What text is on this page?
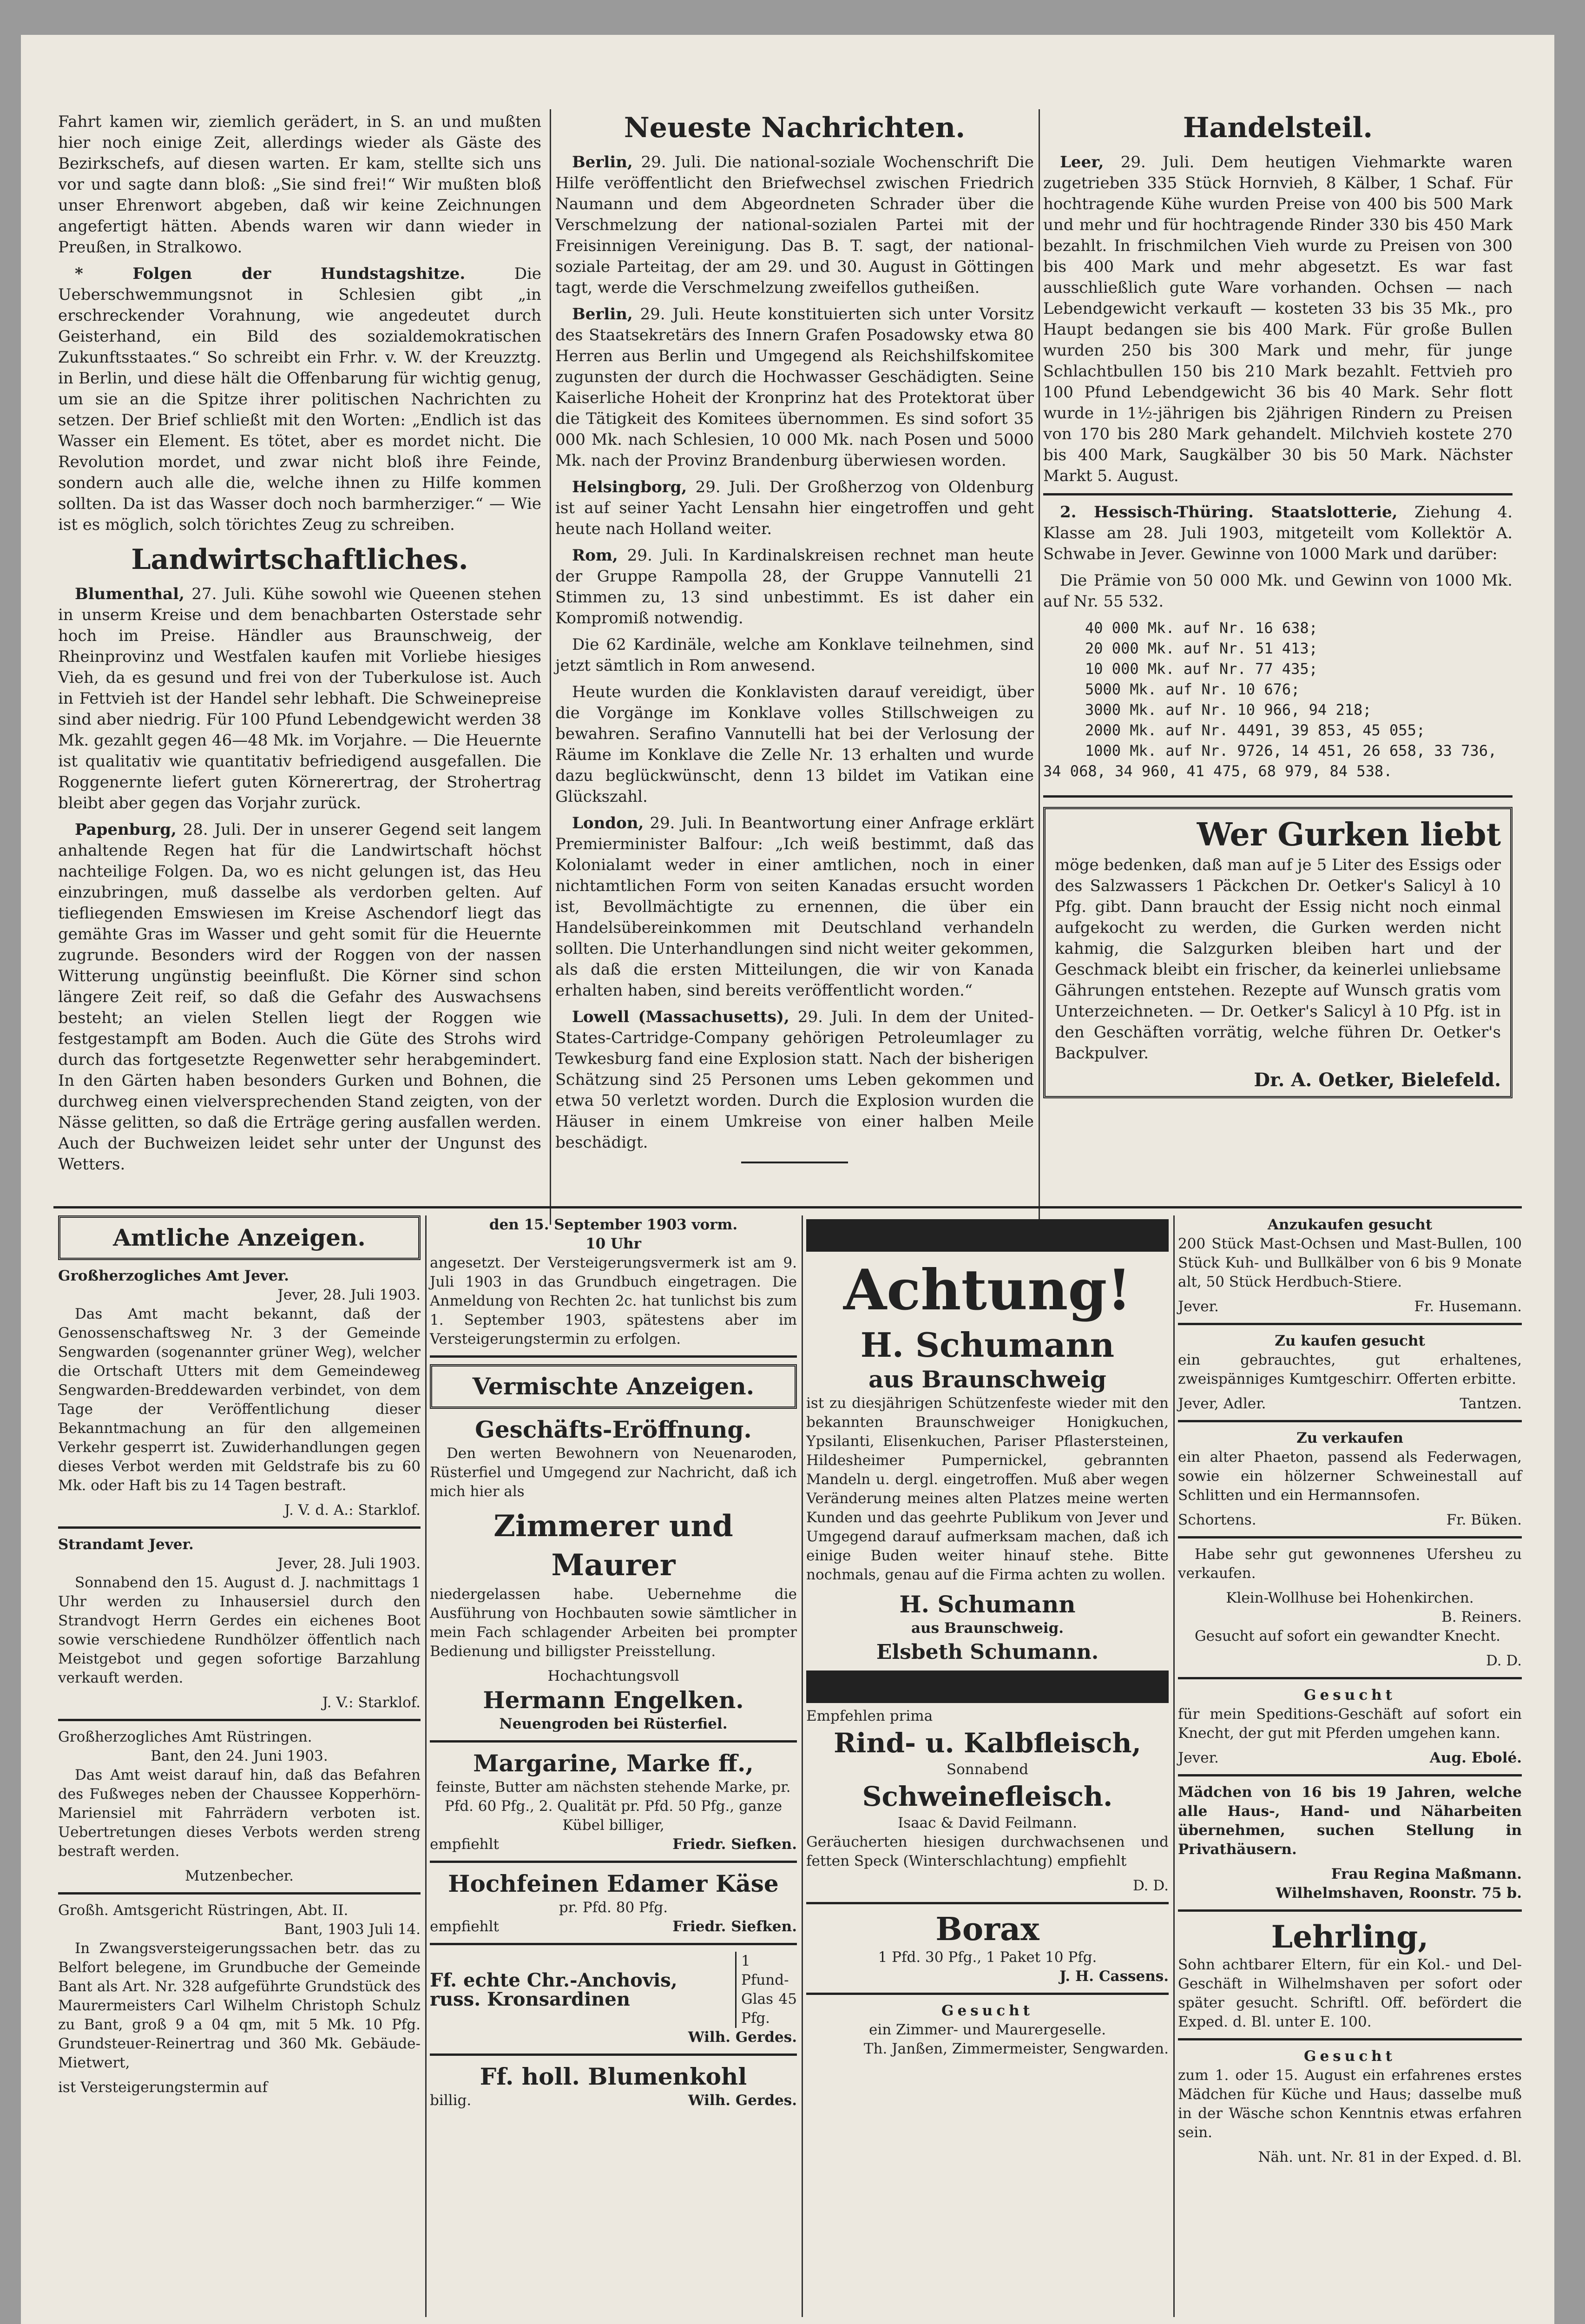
Fahrt kamen wir, ziemlich gerädert, in S. an und mußten hier noch einige Zeit, allerdings wieder als Gäste des Bezirkschefs, auf diesen warten. Er kam, stellte sich uns vor und sagte dann bloß: „Sie sind frei!“ Wir mußten bloß unser Ehrenwort abgeben, daß wir keine Zeichnungen angefertigt hätten. Abends waren wir dann wieder in Preußen, in Stralkowo.

* Folgen der Hundstagshitze.	Die Ueberschwemmungsnot in Schlesien gibt „in erschreckender Vorahnung, wie angedeutet durch Geisterhand, ein Bild des sozialdemokratischen Zukunftsstaates.“ So schreibt ein Frhr. v. W. der Kreuzztg. in Berlin, und diese hält die Offenbarung für wichtig genug, um sie an die Spitze ihrer politischen Nachrichten zu setzen. Der Brief schließt mit den Worten: „Endlich ist das Wasser ein Element. Es tötet, aber es mordet nicht. Die Revolution mordet, und zwar nicht bloß ihre Feinde, sondern auch alle die, welche ihnen zu Hilfe kommen sollten. Da ist das Wasser doch noch barmherziger.“ — Wie ist es möglich, solch törichtes Zeug zu schreiben.

Landwirtschaftliches.

Blumenthal, 27. Juli. Kühe sowohl wie Queenen stehen in unserm Kreise und dem benachbarten Osterstade sehr hoch im Preise. Händler aus Braunschweig, der Rheinprovinz und Westfalen kaufen mit Vorliebe hiesiges Vieh, da es gesund und frei von der Tuberkulose ist. Auch in Fettvieh ist der Handel sehr lebhaft. Die Schweinepreise sind aber niedrig. Für 100 Pfund Lebendgewicht werden 38 Mk. gezahlt gegen 46—48 Mk. im Vorjahre. — Die Heuernte ist qualitativ wie quantitativ befriedigend ausgefallen. Die Roggenernte liefert guten Körnerertrag, der Strohertrag bleibt aber gegen das Vorjahr zurück.

Papenburg, 28. Juli. Der in unserer Gegend seit langem anhaltende Regen hat für die Landwirtschaft höchst nachteilige Folgen. Da, wo es nicht gelungen ist, das Heu einzubringen, muß dasselbe als verdorben gelten. Auf tiefliegenden Emswiesen im Kreise Aschendorf liegt das gemähte Gras im Wasser und geht somit für die Heuernte zugrunde. Besonders wird der Roggen von der nassen Witterung ungünstig beeinflußt. Die Körner sind schon längere Zeit reif, so daß die Gefahr des Auswachsens besteht; an vielen Stellen liegt der Roggen wie festgestampft am Boden. Auch die Güte des Strohs wird durch das fortgesetzte Regenwetter sehr herabgemindert. In den Gärten haben besonders Gurken und Bohnen, die durchweg einen vielversprechenden Stand zeigten, von der Nässe gelitten, so daß die Erträge gering ausfallen werden. Auch der Buchweizen leidet sehr unter der Ungunst des Wetters.

Neueste Nachrichten.

Berlin, 29. Juli. Die national-soziale Wochenschrift Die Hilfe veröffentlicht den Briefwechsel zwischen Friedrich Naumann und dem Abgeordneten Schrader über die Verschmelzung der national-sozialen Partei mit der Freisinnigen Vereinigung. Das B. T. sagt, der national-soziale Parteitag, der am 29. und 30. August in Göttingen tagt, werde die Verschmelzung zweifellos gutheißen.

Berlin, 29. Juli. Heute konstituierten sich unter Vorsitz des Staatsekretärs des Innern Grafen Posadowsky etwa 80 Herren aus Berlin und Umgegend als Reichshilfskomitee zugunsten der durch die Hochwasser Geschädigten. Seine Kaiserliche Hoheit der Kronprinz hat des Protektorat über die Tätigkeit des Komitees übernommen. Es sind sofort 35 000 Mk. nach Schlesien, 10 000 Mk. nach Posen und 5000 Mk. nach der Provinz Brandenburg überwiesen worden.

Helsingborg, 29. Juli. Der Großherzog von Oldenburg ist auf seiner Yacht Lensahn hier eingetroffen und geht heute nach Holland weiter.

Rom, 29. Juli. In Kardinalskreisen rechnet man heute der Gruppe Rampolla 28, der Gruppe Vannutelli 21 Stimmen zu, 13 sind unbestimmt. Es ist daher ein Kompromiß notwendig.

Die 62 Kardinäle, welche am Konklave teilnehmen, sind jetzt sämtlich in Rom anwesend.

Heute wurden die Konklavisten darauf vereidigt, über die Vorgänge im Konklave volles Stillschweigen zu bewahren. Serafino Vannutelli hat bei der Verlosung der Räume im Konklave die Zelle Nr. 13 erhalten und wurde dazu beglückwünscht, denn 13 bildet im Vatikan eine Glückszahl.

London, 29. Juli. In Beantwortung einer Anfrage erklärt Premierminister Balfour: „Ich weiß bestimmt, daß das Kolonialamt weder in einer amtlichen, noch in einer nichtamtlichen Form von seiten Kanadas ersucht worden ist, Bevollmächtigte zu ernennen, die über ein Handelsübereinkommen mit Deutschland verhandeln sollten. Die Unterhandlungen sind nicht weiter gekommen, als daß die ersten Mitteilungen, die wir von Kanada erhalten haben, sind bereits veröffentlicht worden.“

Lowell (Massachusetts), 29. Juli. In dem der United-States-Cartridge-Company gehörigen Petroleumlager zu Tewkesburg fand eine Explosion statt. Nach der bisherigen Schätzung sind 25 Personen ums Leben gekommen und etwa 50 verletzt worden. Durch die Explosion wurden die Häuser in einem Umkreise von einer halben Meile beschädigt.

Handelsteil.

Leer, 29. Juli. Dem heutigen Viehmarkte waren zugetrieben 335 Stück Hornvieh, 8 Kälber, 1 Schaf. Für hochtragende Kühe wurden Preise von 400 bis 500 Mark und mehr und für hochtragende Rinder 330 bis 450 Mark bezahlt. In frischmilchen Vieh wurde zu Preisen von 300 bis 400 Mark und mehr abgesetzt. Es war fast ausschließlich gute Ware vorhanden. Ochsen — nach Lebendgewicht verkauft — kosteten 33 bis 35 Mk., pro Haupt bedangen sie bis 400 Mark. Für große Bullen wurden 250 bis 300 Mark und mehr, für junge Schlachtbullen 150 bis 210 Mark bezahlt. Fettvieh pro 100 Pfund Lebendgewicht 36 bis 40 Mark. Sehr flott wurde in 1½-jährigen bis 2jährigen Rindern zu Preisen von 170 bis 280 Mark gehandelt. Milchvieh kostete 270 bis 400 Mark, Saugkälber 30 bis 50 Mark. Nächster Markt 5. August.

2. Hessisch-Thüring. Staatslotterie, Ziehung 4. Klasse am 28. Juli 1903, mitgeteilt vom Kollektör A. Schwabe in Jever. Gewinne von 1000 Mark und darüber:

Die Prämie von 50 000 Mk. und Gewinn von 1000 Mk. auf Nr. 55 532.

40 000 Mk. auf Nr. 16 638;
20 000 Mk. auf Nr. 51 413;
10 000 Mk. auf Nr. 77 435;
5000 Mk. auf Nr. 10 676;
3000 Mk. auf Nr. 10 966, 94 218;
2000 Mk. auf Nr. 4491, 39 853, 45 055;
1000 Mk. auf Nr. 9726, 14 451, 26 658, 33 736,
34 068, 34 960, 41 475, 68 979, 84 538.
Wer Gurken liebt

möge bedenken, daß man auf je 5 Liter des Essigs oder des Salzwassers 1 Päckchen Dr. Oetker's Salicyl à 10 Pfg. gibt. Dann braucht der Essig nicht noch einmal aufgekocht zu werden, die Gurken werden nicht kahmig, die Salzgurken bleiben hart und der Geschmack bleibt ein frischer, da keinerlei unliebsame Gährungen entstehen. Rezepte auf Wunsch gratis vom Unterzeichneten. — Dr. Oetker's Salicyl à 10 Pfg. ist in den Geschäften vorrätig, welche führen Dr. Oetker's Backpulver.

Dr. A. Oetker, Bielefeld.
Amtliche Anzeigen.
Großherzogliches Amt Jever.
Jever, 28. Juli 1903.

Das Amt macht bekannt, daß der Genossenschaftsweg Nr. 3 der Gemeinde Sengwarden (sogenannter grüner Weg), welcher die Ortschaft Utters mit dem Gemeindeweg Sengwarden-Breddewarden verbindet, von dem Tage der Veröffentlichung dieser Bekanntmachung an für den allgemeinen Verkehr gesperrt ist. Zuwiderhandlungen gegen dieses Verbot werden mit Geldstrafe bis zu 60 Mk. oder Haft bis zu 14 Tagen bestraft.

J. V. d. A.: Starklof.
Strandamt Jever.
Jever, 28. Juli 1903.

Sonnabend den 15. August d. J. nachmittags 1 Uhr werden zu Inhausersiel durch den Strandvogt Herrn Gerdes ein eichenes Boot sowie verschiedene Rundhölzer öffentlich nach Meistgebot und gegen sofortige Barzahlung verkauft werden.

J. V.: Starklof.
Großherzogliches Amt Rüstringen.
Bant, den 24. Juni 1903.

Das Amt weist darauf hin, daß das Befahren des Fußweges neben der Chaussee Kopperhörn-Mariensiel mit Fahrrädern verboten ist. Uebertretungen dieses Verbots werden streng bestraft werden.

Mutzenbecher.
Großh. Amtsgericht Rüstringen, Abt. II.
Bant, 1903 Juli 14.

In Zwangsversteigerungssachen betr. das zu Belfort belegene, im Grundbuche der Gemeinde Bant als Art. Nr. 328 aufgeführte Grundstück des Maurermeisters Carl Wilhelm Christoph Schulz zu Bant, groß 9 a 04 qm, mit 5 Mk. 10 Pfg. Grundsteuer-Reinertrag und 360 Mk. Gebäude-Mietwert,

ist Versteigerungstermin auf
den 15. September 1903 vorm. 10 Uhr

angesetzt. Der Versteigerungsvermerk ist am 9. Juli 1903 in das Grundbuch eingetragen. Die Anmeldung von Rechten 2c. hat tunlichst bis zum 1. September 1903, spätestens aber im Versteigerungstermin zu erfolgen.

Vermischte Anzeigen.
Geschäfts-Eröffnung.

Den werten Bewohnern von Neuenaroden, Rüsterfiel und Umgegend zur Nachricht, daß ich mich hier als

Zimmerer und Maurer

niedergelassen habe. Uebernehme die Ausführung von Hochbauten sowie sämtlicher in mein Fach schlagender Arbeiten bei prompter Bedienung und billigster Preisstellung.

Hochachtungsvoll
Hermann Engelken.
Neuengroden bei Rüsterfiel.
Margarine, Marke ff.,
feinste, Butter am nächsten stehende Marke, pr. Pfd. 60 Pfg., 2. Qualität pr. Pfd. 50 Pfg., ganze Kübel billiger,
empfiehlt	Friedr. Siefken.
Hochfeinen Edamer Käse
pr. Pfd. 80 Pfg.
empfiehlt	Friedr. Siefken.
Ff. echte Chr.-Anchovis,
russ. Kronsardinen
1 Pfund-Glas 45 Pfg.
Wilh. Gerdes.
Ff. holl. Blumenkohl
billig.	Wilh. Gerdes.
Achtung!
H. Schumann
aus Braunschweig

ist zu diesjährigen Schützenfeste wieder mit den bekannten Braunschweiger Honigkuchen, Ypsilanti, Elisenkuchen, Pariser Pflastersteinen, Hildesheimer Pumpernickel, gebrannten Mandeln u. dergl. eingetroffen. Muß aber wegen Veränderung meines alten Platzes meine werten Kunden und das geehrte Publikum von Jever und Umgegend darauf aufmerksam machen, daß ich einige Buden weiter hinauf stehe. Bitte nochmals, genau auf die Firma achten zu wollen.

H. Schumann
aus Braunschweig.
Elsbeth Schumann.
Empfehlen prima
Rind- u. Kalbfleisch,
Sonnabend
Schweinefleisch.
Isaac & David Feilmann.

Geräucherten hiesigen durchwachsenen und fetten Speck (Winterschlachtung) empfiehlt

D. D.
Borax
1 Pfd. 30 Pfg., 1 Paket 10 Pfg.
J. H. Cassens.
Gesucht
ein Zimmer- und Maurergeselle.
Th. Janßen, Zimmermeister, Sengwarden.
Anzukaufen gesucht

200 Stück Mast-Ochsen und Mast-Bullen, 100 Stück Kuh- und Bullkälber von 6 bis 9 Monate alt, 50 Stück Herdbuch-Stiere.

Jever.	Fr. Husemann.
Zu kaufen gesucht

ein gebrauchtes, gut erhaltenes, zweispänniges Kumtgeschirr. Offerten erbitte.

Jever, Adler.	Tantzen.
Zu verkaufen

ein alter Phaeton, passend als Federwagen, sowie ein hölzerner Schweinestall auf Schlitten und ein Hermannsofen.

Schortens.	Fr. Büken.

Habe sehr gut gewonnenes Ufersheu zu verkaufen.

Klein-Wollhuse bei Hohenkirchen.
B. Reiners.

Gesucht auf sofort ein gewandter Knecht.

D. D.
Gesucht

für mein Speditions-Geschäft auf sofort ein Knecht, der gut mit Pferden umgehen kann.

Jever.	Aug. Ebolé.

Mädchen von 16 bis 19 Jahren, welche alle Haus-, Hand- und Näharbeiten übernehmen, suchen Stellung in Privathäusern.

Frau Regina Maßmann.
Wilhelmshaven, Roonstr. 75 b.
Lehrling,

Sohn achtbarer Eltern, für ein Kol.- und Del-Geschäft in Wilhelmshaven per sofort oder später gesucht. Schriftl. Off. befördert die Exped. d. Bl. unter E. 100.

Gesucht

zum 1. oder 15. August ein erfahrenes erstes Mädchen für Küche und Haus; dasselbe muß in der Wäsche schon Kenntnis etwas erfahren sein.

Näh. unt. Nr. 81 in der Exped. d. Bl.
